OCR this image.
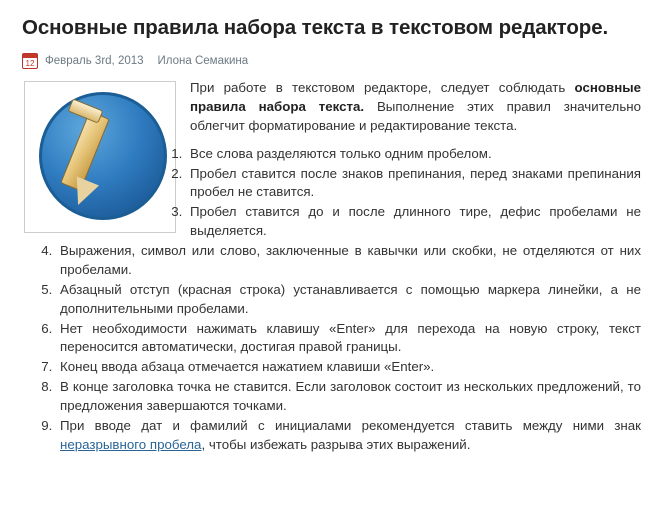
Основные правила набора текста в текстовом редакторе.
12 Февраль 3rd, 2013 Илона Семакина

При работе в текстовом редакторе, следует соблюдать основные правила набора текста. Выполнение этих правил значительно облегчит форматирование и редактирование текста.

1. Все слова разделяются только одним пробелом.
2. Пробел ставится после знаков препинания, перед знаками препинания пробел не ставится.
3. Пробел ставится до и после длинного тире, дефис пробелами не выделяется.
4. Выражения, символ или слово, заключенные в кавычки или скобки, не отделяются от них пробелами.
5. Абзацный отступ (красная строка) устанавливается с помощью маркера линейки, а не дополнительными пробелами.
6. Нет необходимости нажимать клавишу «Enter» для перехода на новую строку, текст переносится автоматически, достигая правой границы.
7. Конец ввода абзаца отмечается нажатием клавиши «Enter».
8. В конце заголовка точка не ставится. Если заголовок состоит из нескольких предложений, то предложения завершаются точками.
9. При вводе дат и фамилий с инициалами рекомендуется ставить между ними знак неразрывного пробела, чтобы избежать разрыва этих выражений.
